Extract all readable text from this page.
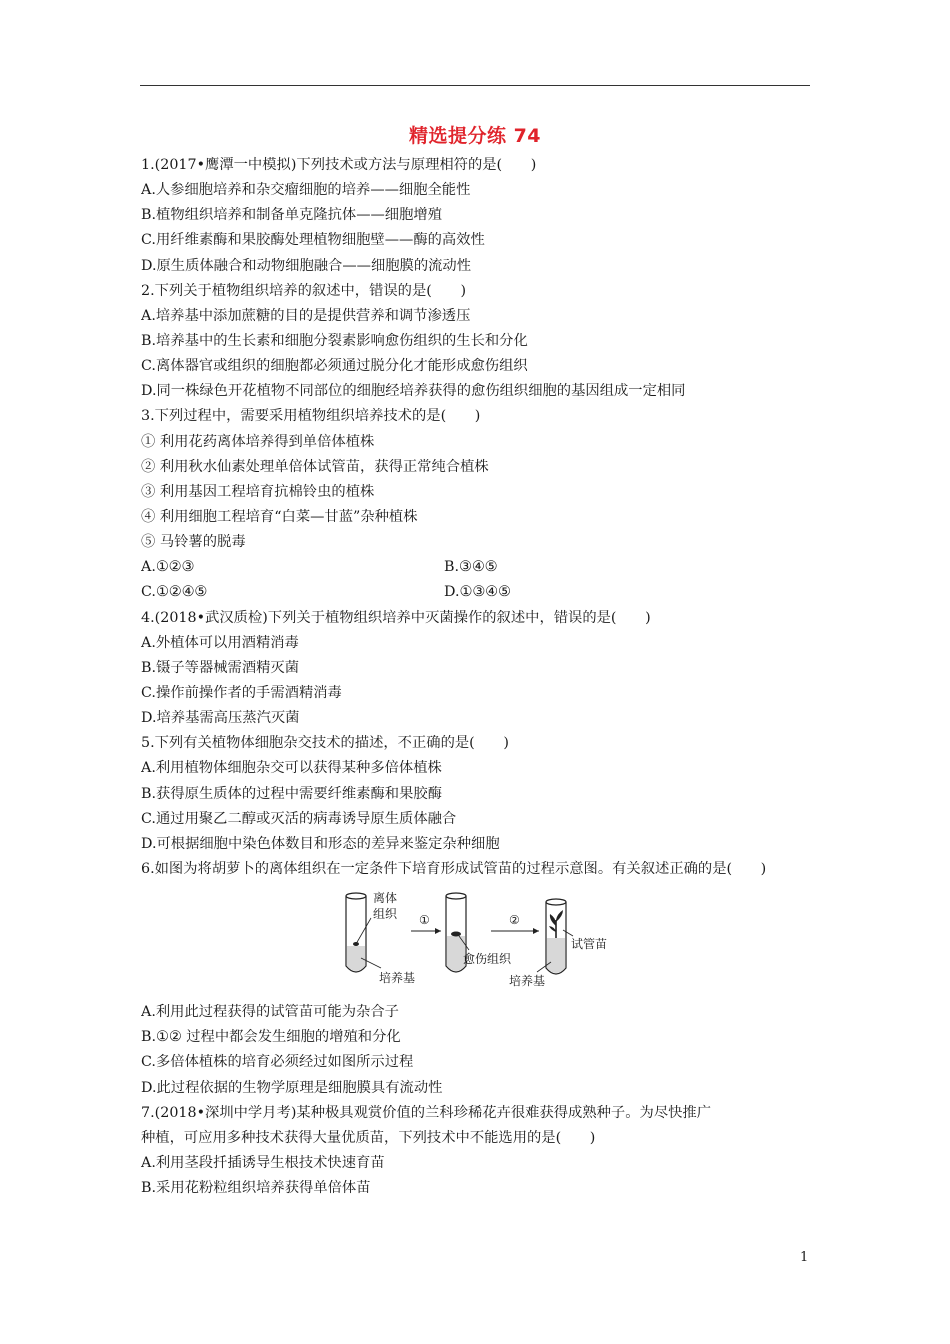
精选提分练 74
1.(2017•鹰潭一中模拟)下列技术或方法与原理相符的是(　　)
A.人参细胞培养和杂交瘤细胞的培养——细胞全能性
B.植物组织培养和制备单克隆抗体——细胞增殖
C.用纤维素酶和果胶酶处理植物细胞壁——酶的高效性
D.原生质体融合和动物细胞融合——细胞膜的流动性
2.下列关于植物组织培养的叙述中，错误的是(　　)
A.培养基中添加蔗糖的目的是提供营养和调节渗透压
B.培养基中的生长素和细胞分裂素影响愈伤组织的生长和分化
C.离体器官或组织的细胞都必须通过脱分化才能形成愈伤组织
D.同一株绿色开花植物不同部位的细胞经培养获得的愈伤组织细胞的基因组成一定相同
3.下列过程中，需要采用植物组织培养技术的是(　　)
① 利用花药离体培养得到单倍体植株
② 利用秋水仙素处理单倍体试管苗，获得正常纯合植株
③ 利用基因工程培育抗棉铃虫的植株
④ 利用细胞工程培育“白菜—甘蓝”杂种植株
⑤ 马铃薯的脱毒
A.①②③	B.③④⑤
C.①②④⑤	D.①③④⑤
4.(2018•武汉质检)下列关于植物组织培养中灭菌操作的叙述中，错误的是(　　)
A.外植体可以用酒精消毒
B.镊子等器械需酒精灭菌
C.操作前操作者的手需酒精消毒
D.培养基需高压蒸汽灭菌
5.下列有关植物体细胞杂交技术的描述，不正确的是(　　)
A.利用植物体细胞杂交可以获得某种多倍体植株
B.获得原生质体的过程中需要纤维素酶和果胶酶
C.通过用聚乙二醇或灭活的病毒诱导原生质体融合
D.可根据细胞中染色体数目和形态的差异来鉴定杂种细胞
6.如图为将胡萝卜的离体组织在一定条件下培育形成试管苗的过程示意图。有关叙述正确的是(　　)
离体
组织
培养基
①
愈伤组织
②
试管苗
培养基
A.利用此过程获得的试管苗可能为杂合子
B.①② 过程中都会发生细胞的增殖和分化
C.多倍体植株的培育必须经过如图所示过程
D.此过程依据的生物学原理是细胞膜具有流动性
7.(2018•深圳中学月考)某种极具观赏价值的兰科珍稀花卉很难获得成熟种子。为尽快推广
种植，可应用多种技术获得大量优质苗，下列技术中不能选用的是(　　)
A.利用茎段扦插诱导生根技术快速育苗
B.采用花粉粒组织培养获得单倍体苗
1
